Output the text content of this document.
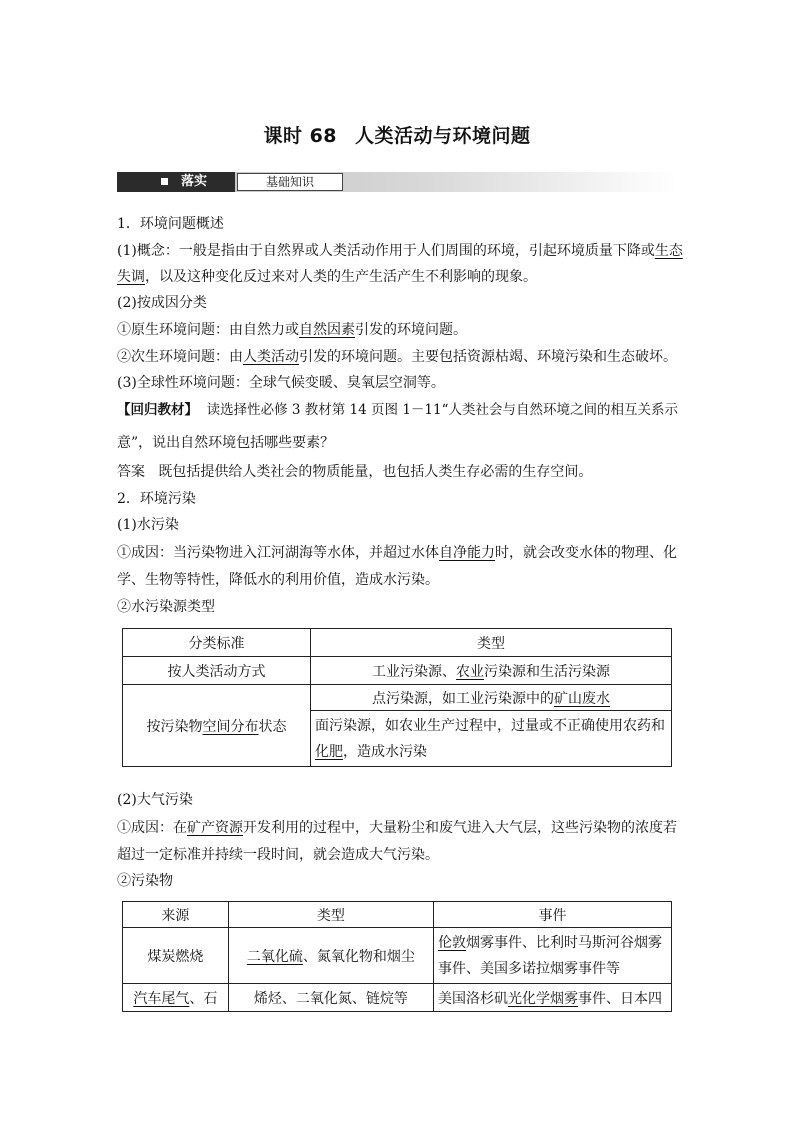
课时 68 人类活动与环境问题
落实	基础知识
1．环境问题概述
(1)概念：一般是指由于自然界或人类活动作用于人们周围的环境，引起环境质量下降或生态
失调，以及这种变化反过来对人类的生产生活产生不利影响的现象。
(2)按成因分类
①原生环境问题：由自然力或自然因素引发的环境问题。
②次生环境问题：由人类活动引发的环境问题。主要包括资源枯竭、环境污染和生态破坏。
(3)全球性环境问题：全球气候变暖、臭氧层空洞等。
【回归教材】 读选择性必修 3 教材第 14 页图 1－11“人类社会与自然环境之间的相互关系示
意”，说出自然环境包括哪些要素？
答案 既包括提供给人类社会的物质能量，也包括人类生存必需的生存空间。
2．环境污染
(1)水污染
①成因：当污染物进入江河湖海等水体，并超过水体自净能力时，就会改变水体的物理、化
学、生物等特性，降低水的利用价值，造成水污染。
②水污染源类型
分类标准	类型
按人类活动方式	工业污染源、农业污染源和生活污染源
按污染物空间分布状态	点污染源，如工业污染源中的矿山废水

	面污染源，如农业生产过程中，过量或不正确使用农药和
化肥，造成水污染
(2)大气污染
①成因：在矿产资源开发利用的过程中，大量粉尘和废气进入大气层，这些污染物的浓度若
超过一定标准并持续一段时间，就会造成大气污染。
②污染物
来源	类型	事件
煤炭燃烧	二氧化硫、氮氧化物和烟尘	伦敦烟雾事件、比利时马斯河谷烟雾
事件、美国多诺拉烟雾事件等

汽车尾气、石	烯烃、二氧化氮、链烷等	美国洛杉矶光化学烟雾事件、日本四
